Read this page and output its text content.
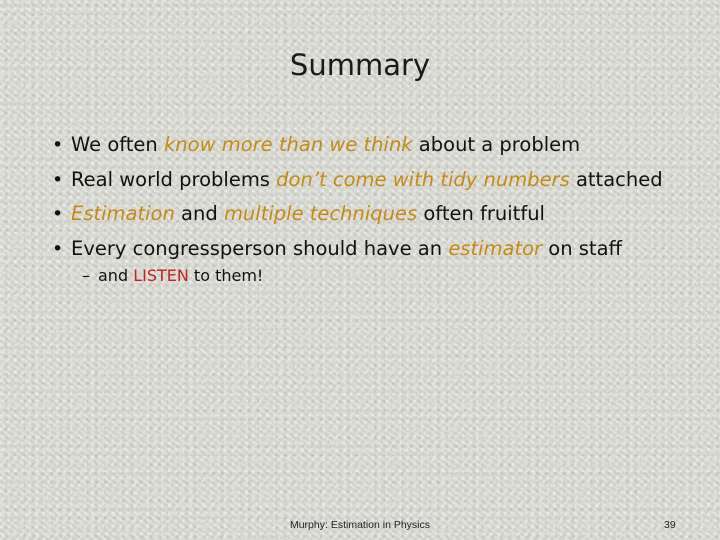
Summary
• We often know more than we think about a problem
• Real world problems don’t come with tidy numbers attached
• Estimation and multiple techniques often fruitful
• Every congressperson should have an estimator on staff
– and LISTEN to them!
Murphy: Estimation in Physics	39
